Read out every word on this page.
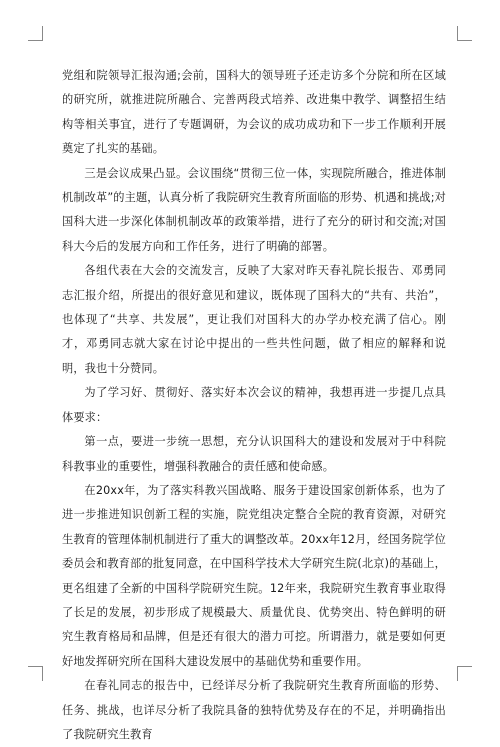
党组和院领导汇报沟通;会前，国科大的领导班子还走访多个分院和所在区域的研究所，就推进院所融合、完善两段式培养、改进集中教学、调整招生结构等相关事宜，进行了专题调研，为会议的成功成功和下一步工作顺利开展奠定了扎实的基础。

三是会议成果凸显。会议围绕“贯彻三位一体，实现院所融合，推进体制机制改革”的主题，认真分析了我院研究生教育所面临的形势、机遇和挑战;对国科大进一步深化体制机制改革的政策举措，进行了充分的研讨和交流;对国科大今后的发展方向和工作任务，进行了明确的部署。

各组代表在大会的交流发言，反映了大家对昨天春礼院长报告、邓勇同志汇报介绍，所提出的很好意见和建议，既体现了国科大的“共有、共治”，也体现了“共享、共发展”，更让我们对国科大的办学办校充满了信心。刚才，邓勇同志就大家在讨论中提出的一些共性问题，做了相应的解释和说明，我也十分赞同。

为了学习好、贯彻好、落实好本次会议的精神，我想再进一步提几点具体要求：

第一点，要进一步统一思想，充分认识国科大的建设和发展对于中科院科教事业的重要性，增强科教融合的责任感和使命感。

在20xx年，为了落实科教兴国战略、服务于建设国家创新体系，也为了进一步推进知识创新工程的实施，院党组决定整合全院的教育资源，对研究生教育的管理体制机制进行了重大的调整改革。20xx年12月，经国务院学位委员会和教育部的批复同意，在中国科学技术大学研究生院(北京)的基础上，更名组建了全新的中国科学院研究生院。12年来，我院研究生教育事业取得了长足的发展，初步形成了规模最大、质量优良、优势突出、特色鲜明的研究生教育格局和品牌，但是还有很大的潜力可挖。所谓潜力，就是要如何更好地发挥研究所在国科大建设发展中的基础优势和重要作用。

在春礼同志的报告中，已经详尽分析了我院研究生教育所面临的形势、任务、挑战，也详尽分析了我院具备的独特优势及存在的不足，并明确指出了我院研究生教育
